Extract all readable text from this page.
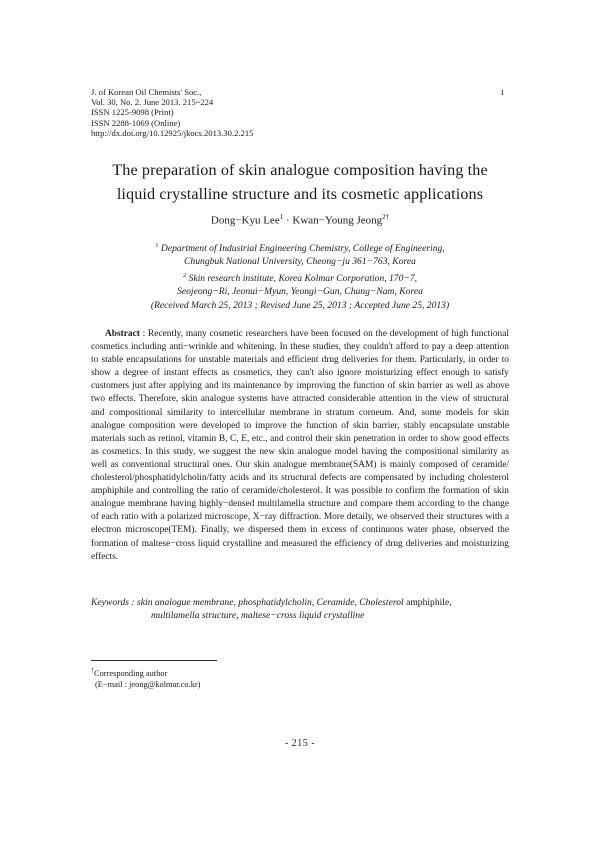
J. of Korean Oil Chemists' Soc.,
Vol. 30, No. 2. June 2013. 215~224
ISSN 1225-9098 (Print)
ISSN 2288-1069 (Online)
http://dx.doi.org/10.12925/jkocs.2013.30.2.215
1
The preparation of skin analogue composition having the
liquid crystalline structure and its cosmetic applications
Dong−Kyu Lee$^1$ · Kwan−Young Jeong$^{2\dagger}$
$^1$ Department of Industrial Engineering Chemistry, College of Engineering,
Chungbuk National University, Cheong−ju 361−763, Korea
$^2$ Skin research institute, Korea Kolmar Corporation, 170−7,
Seojeong−Ri, Jeonui−Myun, Yeongi−Gun, Chung−Nam, Korea
(Received March 25, 2013 ; Revised June 25, 2013 ; Accepted June 25, 2013)

Abstract : Recently, many cosmetic researchers have been focused on the development of high functional cosmetics including anti−wrinkle and whitening. In these studies, they couldn't afford to pay a deep attention to stable encapsulations for unstable materials and efficient drug deliveries for them. Particularly, in order to show a degree of instant effects as cosmetics, they can't also ignore moisturizing effect enough to satisfy customers just after applying and its maintenance by improving the function of skin barrier as well as above two effects. Therefore, skin analogue systems have attracted considerable attention in the view of structural and compositional similarity to intercellular membrane in stratum corneum. And, some models for skin analogue composition were developed to improve the function of skin barrier, stably encapsulate unstable materials such as retinol, vitamin B, C, E, etc., and control their skin penetration in order to show good effects as cosmetics. In this study, we suggest the new skin analogue model having the compositional similarity as well as conventional structural ones. Our skin analogue membrane(SAM) is mainly composed of ceramide/ cholesterol/phosphatidylcholin/fatty acids and its structural defects are compensated by including cholesterol amphiphile and controlling the ratio of ceramide/cholesterol. It was possible to confirm the formation of skin analogue membrane having highly−densed multilamella structure and compare them according to the change of each ratio with a polarized microscope, X−ray diffraction. More detaily, we observed their structures with a electron microscope(TEM). Finally, we dispersed them in excess of continuous water phase, observed the formation of maltese−cross liquid crystalline and measured the efficiency of drug deliveries and moisturizing effects.

Keywords : skin analogue membrane, phosphatidylcholin, Ceramide, Cholesterol amphiphile,
multilamella structure, maltese−cross liquid crystalline
†Corresponding author
(E−mail : jeong@kolmar.co.kr)
- 215 -
